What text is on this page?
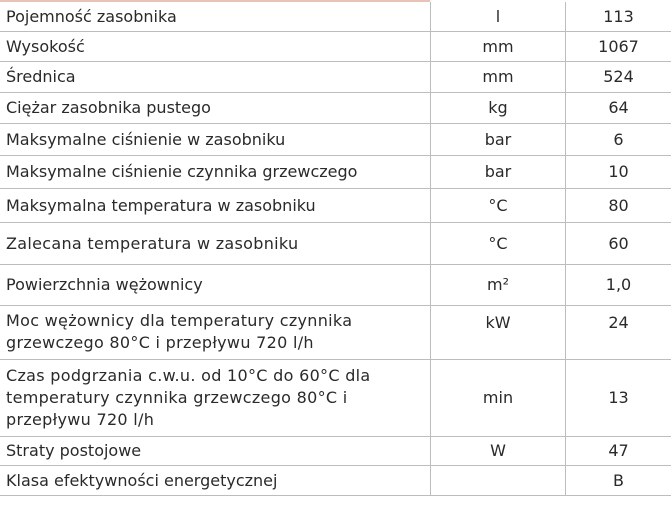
Pojemność zasobnika	l	113
Wysokość	mm	1067
Średnica	mm	524
Ciężar zasobnika pustego	kg	64
Maksymalne ciśnienie w zasobniku	bar	6
Maksymalne ciśnienie czynnika grzewczego	bar	10
Maksymalna temperatura w zasobniku	°C	80
Zalecana temperatura w zasobniku	°C	60
Powierzchnia wężownicy	m²	1,0

Moc wężownicy dla temperatury czynnika
grzewczego 80°C i przepływu 720 l/h	kW	24

Czas podgrzania c.w.u. od 10°C do 60°C dla
temperatury czynnika grzewczego 80°C i
przepływu 720 l/h	min	13
Straty postojowe	W	47
Klasa efektywności energetycznej		B
